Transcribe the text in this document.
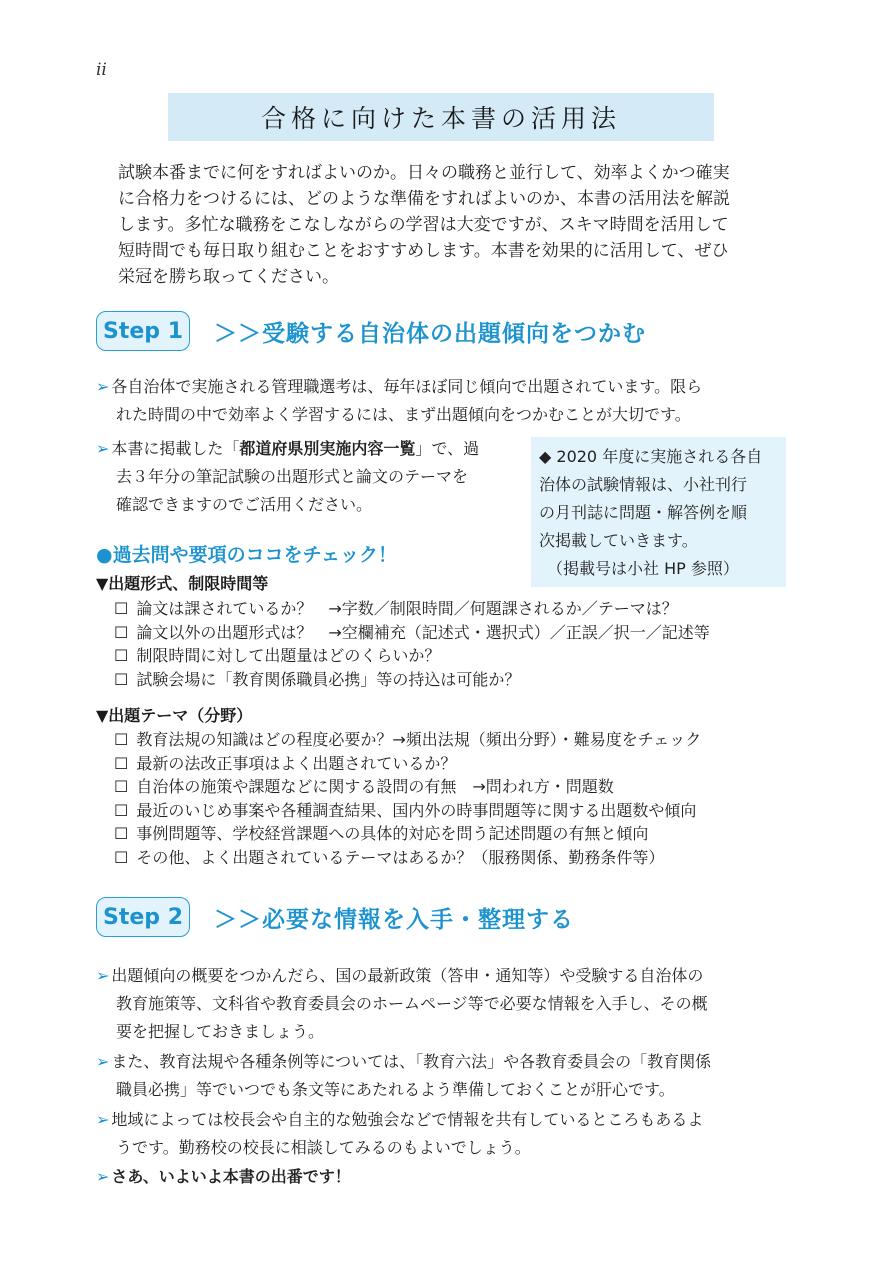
ii
合格に向けた本書の活用法
試験本番までに何をすればよいのか。日々の職務と並行して、効率よくかつ確実
に合格力をつけるには、どのような準備をすればよいのか、本書の活用法を解説
します。多忙な職務をこなしながらの学習は大変ですが、スキマ時間を活用して
短時間でも毎日取り組むことをおすすめします。本書を効果的に活用して、ぜひ
栄冠を勝ち取ってください。
Step 1	＞＞受験する自治体の出題傾向をつかむ
➢ 各自治体で実施される管理職選考は、毎年ほぼ同じ傾向で出題されています。限ら
れた時間の中で効率よく学習するには、まず出題傾向をつかむことが大切です。
➢ 本書に掲載した「都道府県別実施内容一覧」で、過
去３年分の筆記試験の出題形式と論文のテーマを
確認できますのでご活用ください。
◆ 2020 年度に実施される各自
治体の試験情報は、小社刊行
の月刊誌に問題・解答例を順
次掲載していきます。
　（掲載号は小社 HP 参照）
●過去問や要項のココをチェック！
▼出題形式、制限時間等
☐ 論文は課されているか？　→字数／制限時間／何題課されるか／テーマは？
☐ 論文以外の出題形式は？　→空欄補充（記述式・選択式）／正誤／択一／記述等
☐ 制限時間に対して出題量はどのくらいか？
☐ 試験会場に「教育関係職員必携」等の持込は可能か？
▼出題テーマ（分野）
☐ 教育法規の知識はどの程度必要か？→頻出法規（頻出分野）・難易度をチェック
☐ 最新の法改正事項はよく出題されているか？
☐ 自治体の施策や課題などに関する設問の有無　→問われ方・問題数
☐ 最近のいじめ事案や各種調査結果、国内外の時事問題等に関する出題数や傾向
☐ 事例問題等、学校経営課題への具体的対応を問う記述問題の有無と傾向
☐ その他、よく出題されているテーマはあるか？（服務関係、勤務条件等）
Step 2	＞＞必要な情報を入手・整理する
➢ 出題傾向の概要をつかんだら、国の最新政策（答申・通知等）や受験する自治体の
教育施策等、文科省や教育委員会のホームページ等で必要な情報を入手し、その概
要を把握しておきましょう。
➢ また、教育法規や各種条例等については、「教育六法」や各教育委員会の「教育関係
職員必携」等でいつでも条文等にあたれるよう準備しておくことが肝心です。
➢ 地域によっては校長会や自主的な勉強会などで情報を共有しているところもあるよ
うです。勤務校の校長に相談してみるのもよいでしょう。
➢ さあ、いよいよ本書の出番です！
